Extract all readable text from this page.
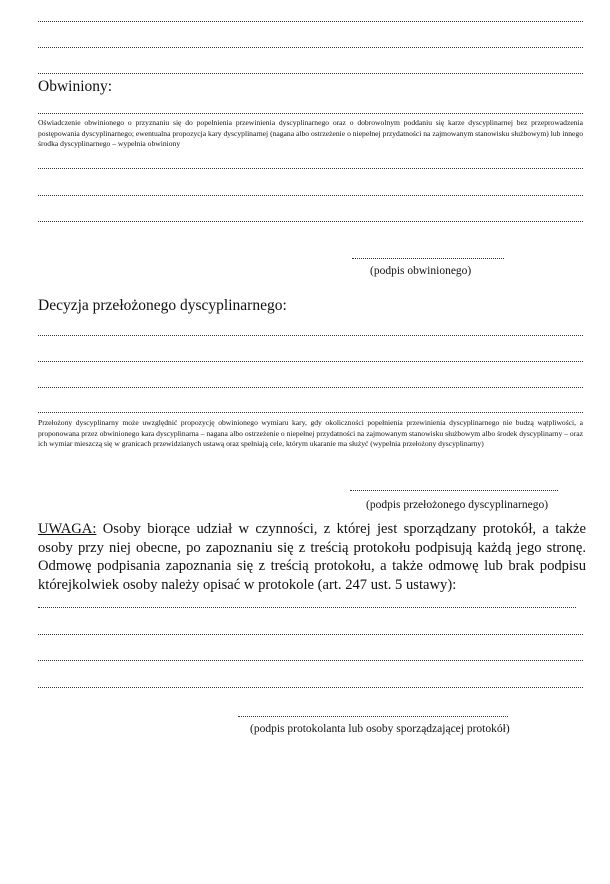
Obwiniony:
Oświadczenie obwinionego o przyznaniu się do popełnienia przewinienia dyscyplinarnego oraz o dobrowolnym poddaniu się karze dyscyplinarnej bez przeprowadzenia postępowania dyscyplinarnego; ewentualna propozycja kary dyscyplinarnej (nagana albo ostrzeżenie o niepełnej przydatności na zajmowanym stanowisku służbowym) lub innego środka dyscyplinarnego – wypełnia obwiniony
(podpis obwinionego)
Decyzja przełożonego dyscyplinarnego:
Przełożony dyscyplinarny może uwzględnić propozycję obwinionego wymiaru kary, gdy okoliczności popełnienia przewinienia dyscyplinarnego nie budzą wątpliwości, a proponowana przez obwinionego kara dyscyplinarna – nagana albo ostrzeżenie o niepełnej przydatności na zajmowanym stanowisku służbowym albo środek dyscyplinarny – oraz ich wymiar mieszczą się w granicach przewidzianych ustawą oraz spełniają cele, którym ukaranie ma służyć (wypełnia przełożony dyscyplinarny)
(podpis przełożonego dyscyplinarnego)
UWAGA: Osoby biorące udział w czynności, z której jest sporządzany protokół, a także osoby przy niej obecne, po zapoznaniu się z treścią protokołu podpisują każdą jego stronę. Odmowę podpisania zapoznania się z treścią protokołu, a także odmowę lub brak podpisu którejkolwiek osoby należy opisać w protokole (art. 247 ust. 5 ustawy):
(podpis protokolanta lub osoby sporządzającej protokół)
